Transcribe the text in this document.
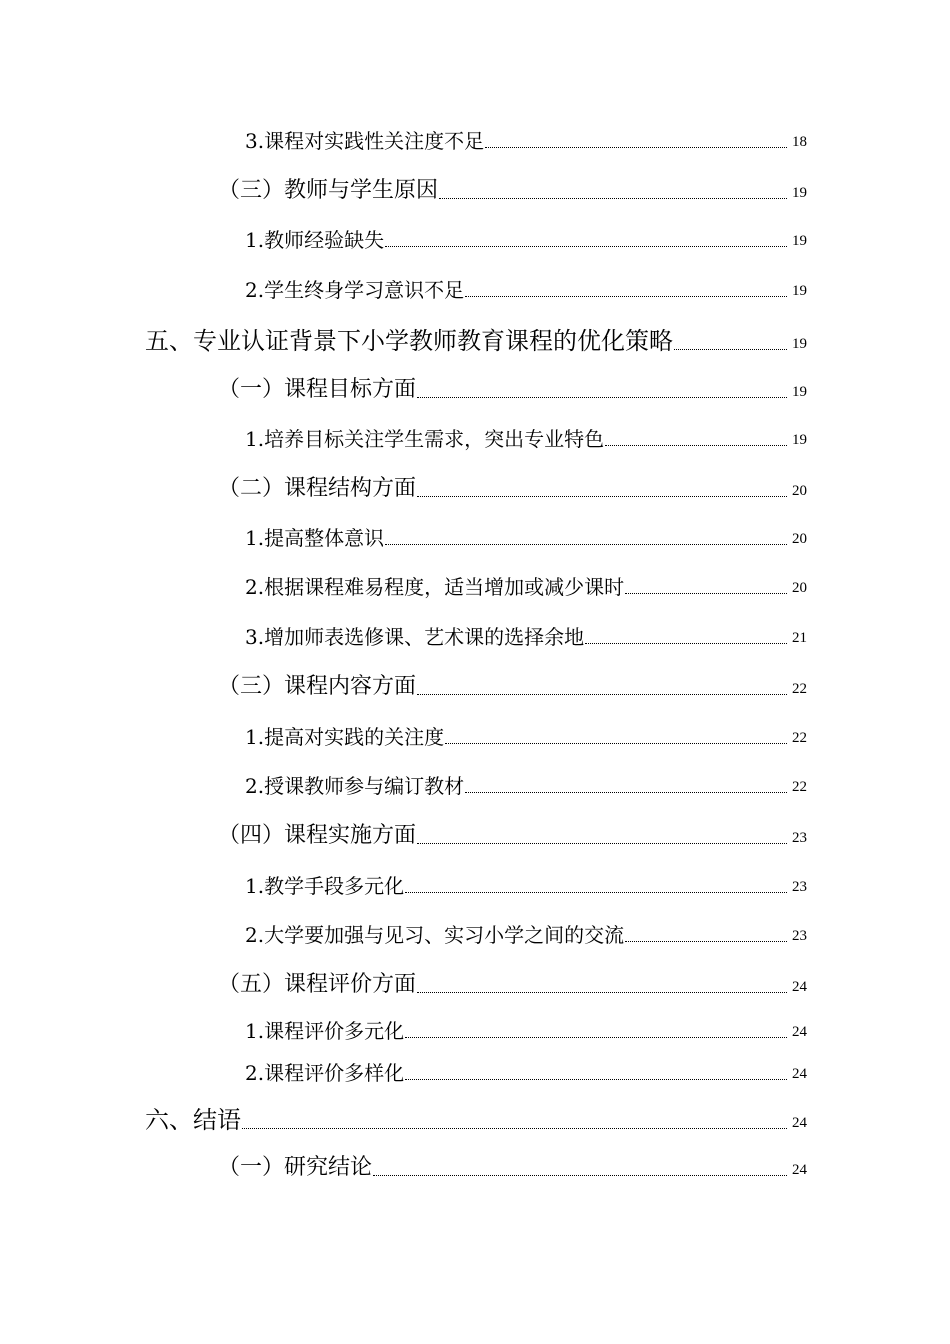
3.课程对实践性关注度不足	18
（三）教师与学生原因	19
1.教师经验缺失	19
2.学生终身学习意识不足	19
五、专业认证背景下小学教师教育课程的优化策略	19
（一）课程目标方面	19
1.培养目标关注学生需求，突出专业特色	19
（二）课程结构方面	20
1.提高整体意识	20
2.根据课程难易程度，适当增加或减少课时	20
3.增加师表选修课、艺术课的选择余地	21
（三）课程内容方面	22
1.提高对实践的关注度	22
2.授课教师参与编订教材	22
（四）课程实施方面	23
1.教学手段多元化	23
2.大学要加强与见习、实习小学之间的交流	23
（五）课程评价方面	24
1.课程评价多元化	24
2.课程评价多样化	24
六、结语	24
（一）研究结论	24
